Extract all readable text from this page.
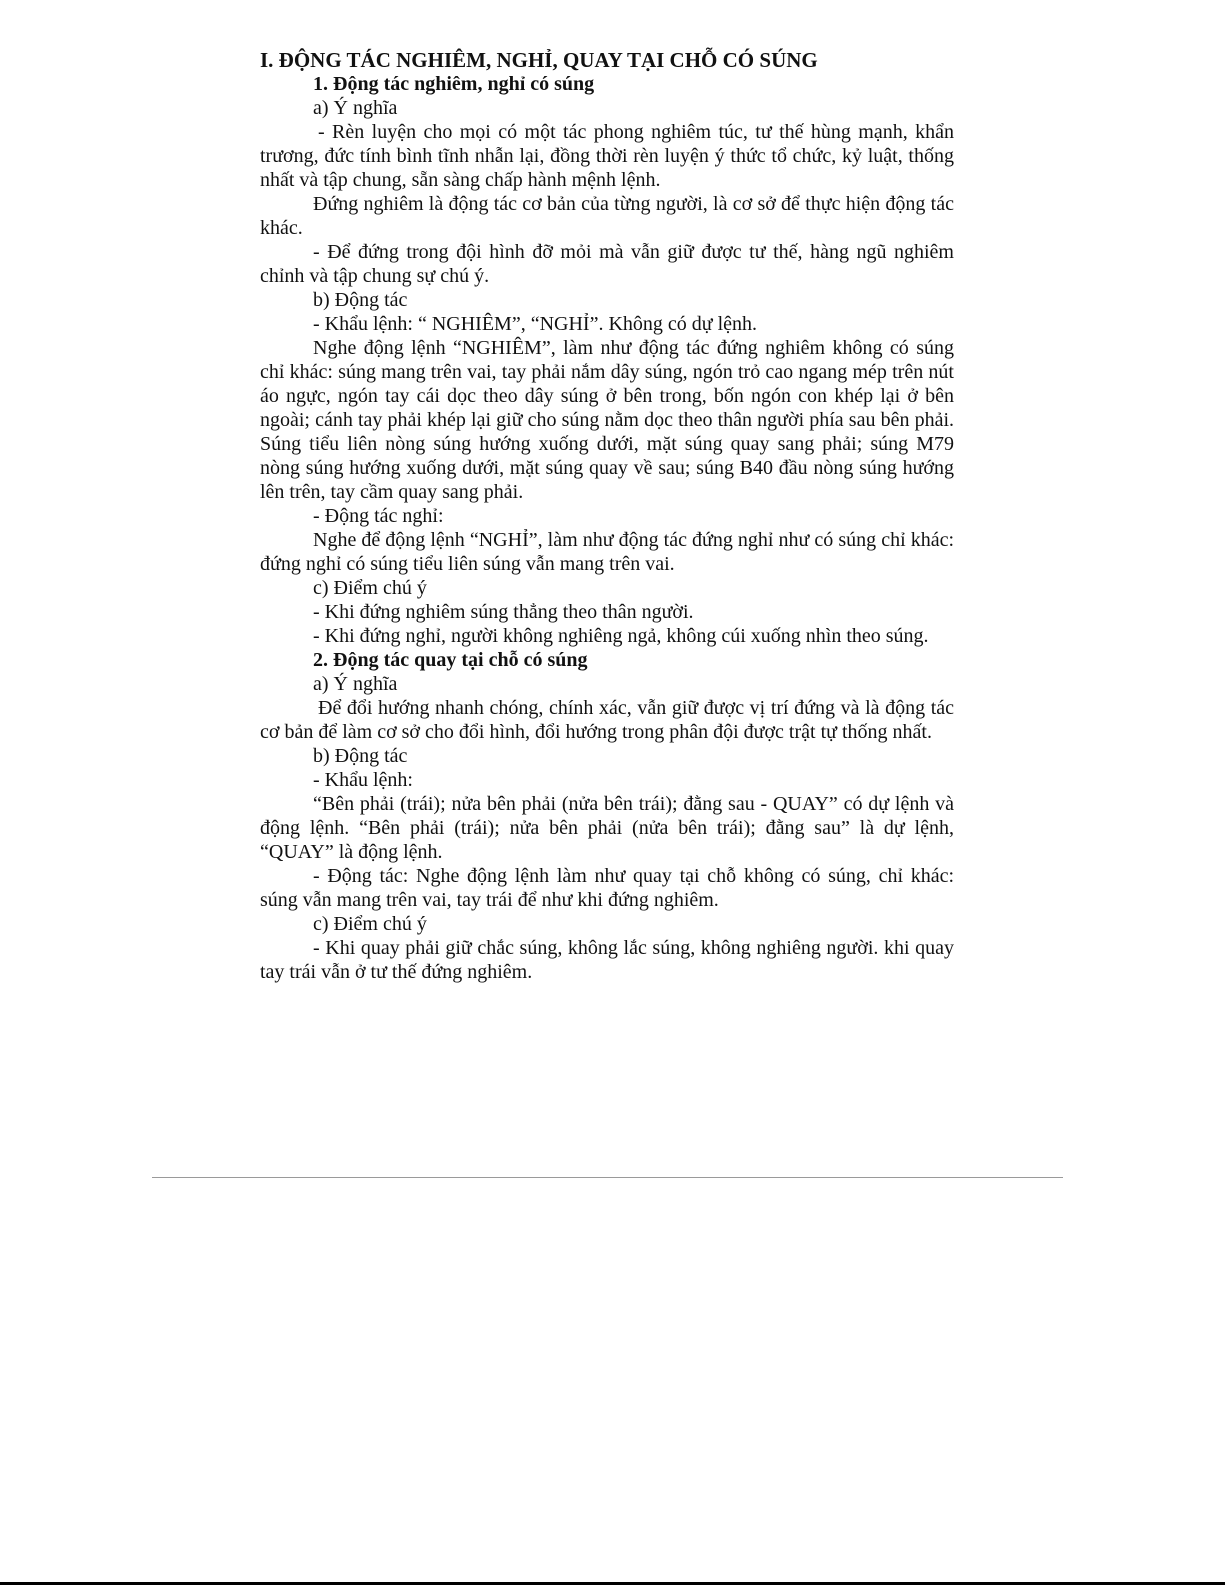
I. ĐỘNG TÁC NGHIÊM, NGHỈ, QUAY TẠI CHỖ CÓ SÚNG

1. Động tác nghiêm, nghỉ có súng

a) Ý nghĩa

- Rèn luyện cho mọi có một tác phong nghiêm túc, tư thế hùng mạnh, khẩn trương, đức tính bình tĩnh nhẫn lại, đồng thời rèn luyện ý thức tổ chức, kỷ luật, thống nhất và tập chung, sẵn sàng chấp hành mệnh lệnh.

Đứng nghiêm là động tác cơ bản của từng người, là cơ sở để thực hiện động tác khác.

- Để đứng trong đội hình đỡ mỏi mà vẫn giữ được tư thế, hàng ngũ nghiêm chỉnh và tập chung sự chú ý.

b) Động tác

- Khẩu lệnh: “ NGHIÊM”, “NGHỈ”. Không có dự lệnh.

Nghe động lệnh “NGHIÊM”, làm như động tác đứng nghiêm không có súng chỉ khác: súng mang trên vai, tay phải nắm dây súng, ngón trỏ cao ngang mép trên nút áo ngực, ngón tay cái dọc theo dây súng ở bên trong, bốn ngón con khép lại ở bên ngoài; cánh tay phải khép lại giữ cho súng nằm dọc theo thân người phía sau bên phải. Súng tiểu liên nòng súng hướng xuống dưới, mặt súng quay sang phải; súng M79 nòng súng hướng xuống dưới, mặt súng quay về sau; súng B40 đầu nòng súng hướng lên trên, tay cầm quay sang phải.

- Động tác nghỉ:

Nghe để động lệnh “NGHỈ”, làm như động tác đứng nghỉ như có súng chỉ khác: đứng nghỉ có súng tiểu liên súng vẫn mang trên vai.

c) Điểm chú ý

- Khi đứng nghiêm súng thẳng theo thân người.

- Khi đứng nghỉ, người không nghiêng ngả, không cúi xuống nhìn theo súng.

2. Động tác quay tại chỗ có súng

a) Ý nghĩa

Để đổi hướng nhanh chóng, chính xác, vẫn giữ được vị trí đứng và là động tác cơ bản để làm cơ sở cho đổi hình, đổi hướng trong phân đội được trật tự thống nhất.

b) Động tác

- Khẩu lệnh:

“Bên phải (trái); nửa bên phải (nửa bên trái); đằng sau - QUAY” có dự lệnh và động lệnh. “Bên phải (trái); nửa bên phải (nửa bên trái); đằng sau” là dự lệnh, “QUAY” là động lệnh.

- Động tác: Nghe động lệnh làm như quay tại chỗ không có súng, chỉ khác: súng vẫn mang trên vai, tay trái để như khi đứng nghiêm.

c) Điểm chú ý

- Khi quay phải giữ chắc súng, không lắc súng, không nghiêng người. khi quay tay trái vẫn ở tư thế đứng nghiêm.
